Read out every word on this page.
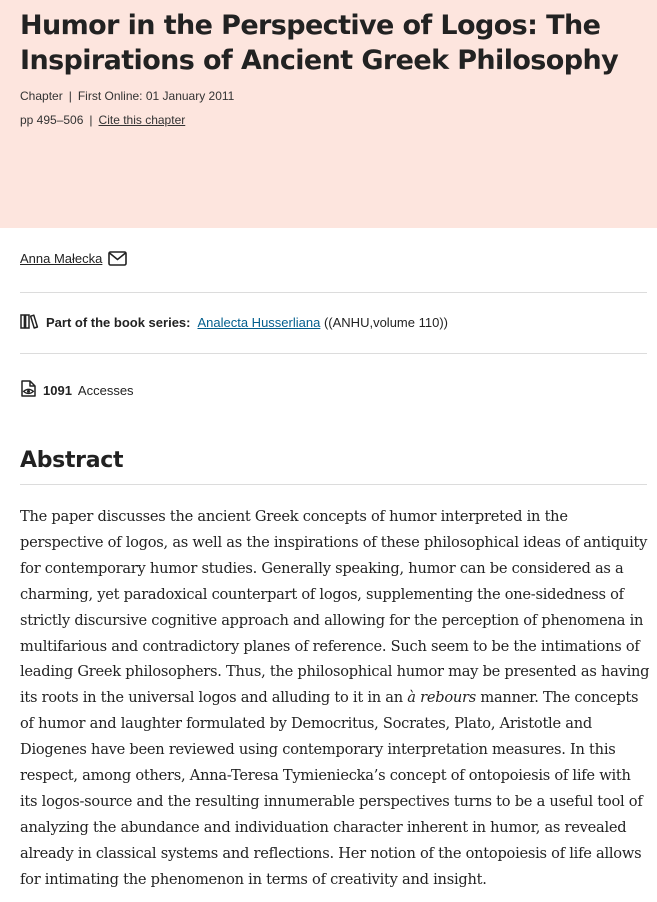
Humor in the Perspective of Logos: The Inspirations of Ancient Greek Philosophy
Chapter | First Online: 01 January 2011
pp 495–506 | Cite this chapter
Anna Małecka
Part of the book series: Analecta Husserliana ((ANHU,volume 110))
1091 Accesses
Abstract

The paper discusses the ancient Greek concepts of humor interpreted in the perspective of logos, as well as the inspirations of these philosophical ideas of antiquity for contemporary humor studies. Generally speaking, humor can be considered as a charming, yet paradoxical counterpart of logos, supplementing the one-sidedness of strictly discursive cognitive approach and allowing for the perception of phenomena in multifarious and contradictory planes of reference. Such seem to be the intimations of leading Greek philosophers. Thus, the philosophical humor may be presented as having its roots in the universal logos and alluding to it in an à rebours manner. The concepts of humor and laughter formulated by Democritus, Socrates, Plato, Aristotle and Diogenes have been reviewed using contemporary interpretation measures. In this respect, among others, Anna-Teresa Tymieniecka’s concept of ontopoiesis of life with its logos-source and the resulting innumerable perspectives turns to be a useful tool of analyzing the abundance and individuation character inherent in humor, as revealed already in classical systems and reflections. Her notion of the ontopoiesis of life allows for intimating the phenomenon in terms of creativity and insight.
